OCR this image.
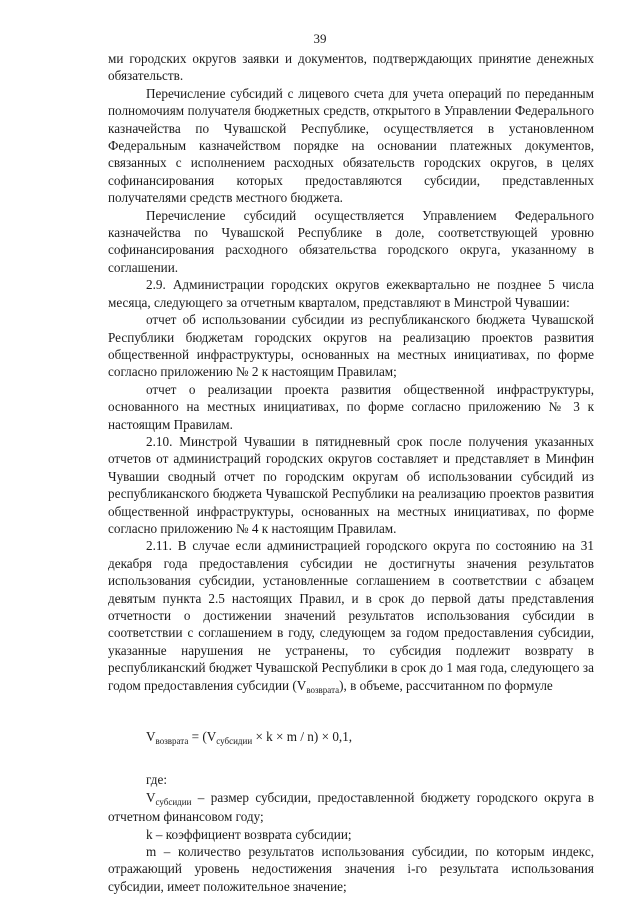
39

ми городских округов заявки и документов, подтверждающих принятие денежных обязательств.

Перечисление субсидий с лицевого счета для учета операций по переданным полномочиям получателя бюджетных средств, открытого в Управлении Федерального казначейства по Чувашской Республике, осуществляется в установленном Федеральным казначейством порядке на основании платежных документов, связанных с исполнением расходных обязательств городских округов, в целях софинансирования которых предоставляются субсидии, представленных получателями средств местного бюджета.

Перечисление субсидий осуществляется Управлением Федерального казначейства по Чувашской Республике в доле, соответствующей уровню софинансирования расходного обязательства городского округа, указанному в соглашении.

2.9. Администрации городских округов ежеквартально не позднее 5 числа месяца, следующего за отчетным кварталом, представляют в Минстрой Чувашии:

отчет об использовании субсидии из республиканского бюджета Чувашской Республики бюджетам городских округов на реализацию проектов развития общественной инфраструктуры, основанных на местных инициативах, по форме согласно приложению № 2 к настоящим Правилам;

отчет о реализации проекта развития общественной инфраструктуры, основанного на местных инициативах, по форме согласно приложению № 3 к настоящим Правилам.

2.10. Минстрой Чувашии в пятидневный срок после получения указанных отчетов от администраций городских округов составляет и представляет в Минфин Чувашии сводный отчет по городским округам об использовании субсидий из республиканского бюджета Чувашской Республики на реализацию проектов развития общественной инфраструктуры, основанных на местных инициативах, по форме согласно приложению № 4 к настоящим Правилам.

2.11. В случае если администрацией городского округа по состоянию на 31 декабря года предоставления субсидии не достигнуты значения результатов использования субсидии, установленные соглашением в соответствии с абзацем девятым пункта 2.5 настоящих Правил, и в срок до первой даты представления отчетности о достижении значений результатов использования субсидии в соответствии с соглашением в году, следующем за годом предоставления субсидии, указанные нарушения не устранены, то субсидия подлежит возврату в республиканский бюджет Чувашской Республики в срок до 1 мая года, следующего за годом предоставления субсидии $(V_{возврата})$, в объеме, рассчитанном по формуле

$V_{возврата} = (V_{субсидии} \times k \times m / n) \times 0,1$,

где:

$V_{субсидии}$ – размер субсидии, предоставленной бюджету городского округа в отчетном финансовом году;

k – коэффициент возврата субсидии;

m – количество результатов использования субсидии, по которым индекс, отражающий уровень недостижения значения i-го результата использования субсидии, имеет положительное значение;
